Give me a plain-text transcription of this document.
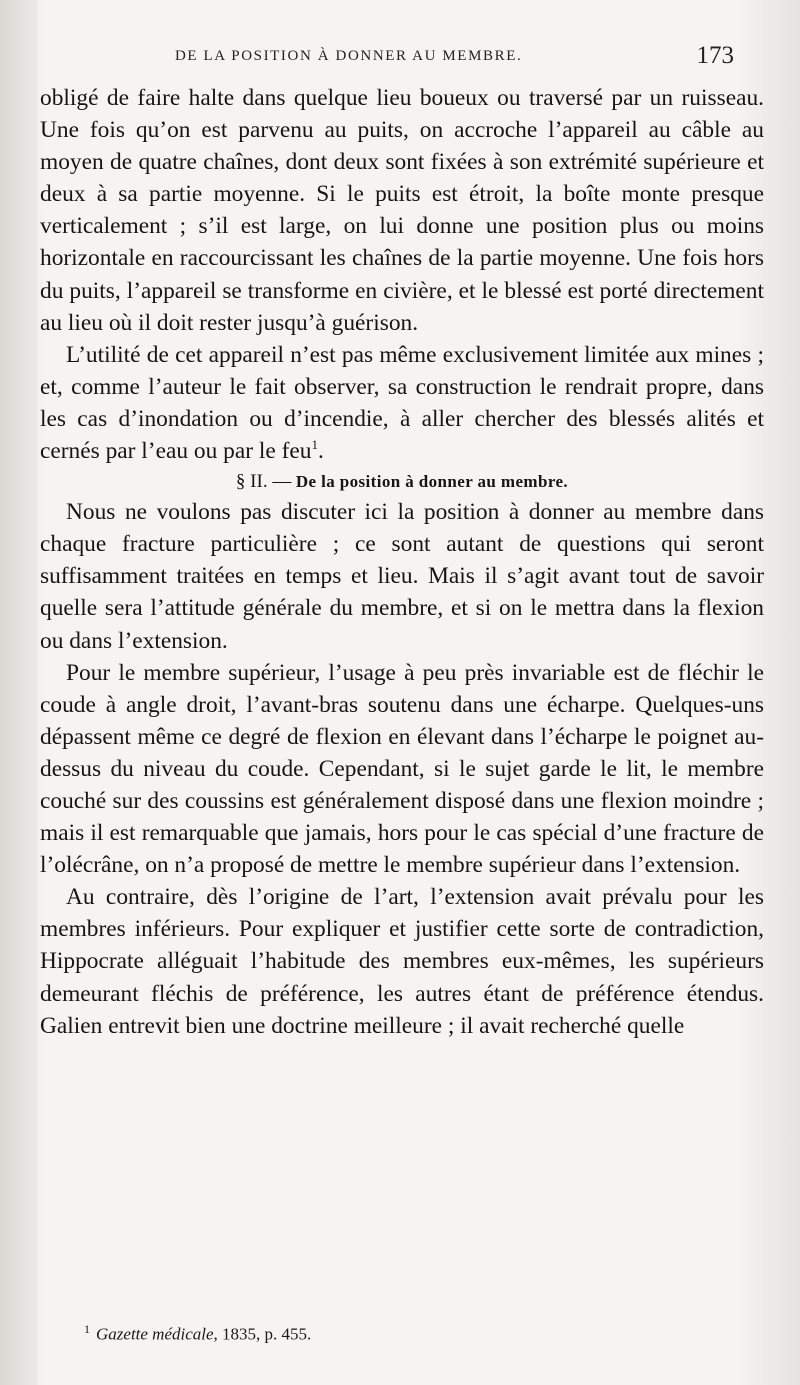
DE LA POSITION À DONNER AU MEMBRE.	173

obligé de faire halte dans quelque lieu boueux ou traversé par un ruisseau. Une fois qu’on est parvenu au puits, on accroche l’appareil au câble au moyen de quatre chaînes, dont deux sont fixées à son extrémité supérieure et deux à sa partie moyenne. Si le puits est étroit, la boîte monte presque verticalement ; s’il est large, on lui donne une position plus ou moins horizontale en raccourcissant les chaînes de la partie moyenne. Une fois hors du puits, l’appareil se transforme en civière, et le blessé est porté directement au lieu où il doit rester jusqu’à guérison.

L’utilité de cet appareil n’est pas même exclusivement limitée aux mines ; et, comme l’auteur le fait observer, sa construction le rendrait propre, dans les cas d’inondation ou d’incendie, à aller chercher des blessés alités et cernés par l’eau ou par le feu$^1$.

§ II. — De la position à donner au membre.

Nous ne voulons pas discuter ici la position à donner au membre dans chaque fracture particulière ; ce sont autant de questions qui seront suffisamment traitées en temps et lieu. Mais il s’agit avant tout de savoir quelle sera l’attitude générale du membre, et si on le mettra dans la flexion ou dans l’extension.

Pour le membre supérieur, l’usage à peu près invariable est de fléchir le coude à angle droit, l’avant-bras soutenu dans une écharpe. Quelques-uns dépassent même ce degré de flexion en élevant dans l’écharpe le poignet au-dessus du niveau du coude. Cependant, si le sujet garde le lit, le membre couché sur des coussins est généralement disposé dans une flexion moindre ; mais il est remarquable que jamais, hors pour le cas spécial d’une fracture de l’olécrâne, on n’a proposé de mettre le membre supérieur dans l’extension.

Au contraire, dès l’origine de l’art, l’extension avait prévalu pour les membres inférieurs. Pour expliquer et justifier cette sorte de contradiction, Hippocrate alléguait l’habitude des membres eux-mêmes, les supérieurs demeurant fléchis de préférence, les autres étant de préférence étendus. Galien entrevit bien une doctrine meilleure ; il avait recherché quelle

$^1$ Gazette médicale, 1835, p. 455.
